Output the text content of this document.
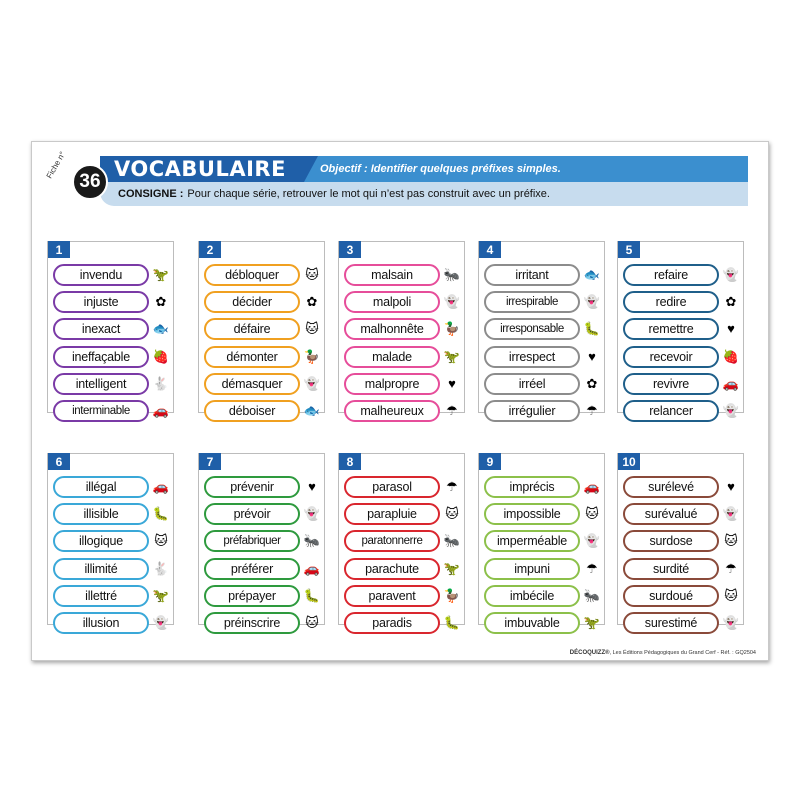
Fiche n°
36
VOCABULAIRE	Objectif : Identifier quelques préfixes simples.
CONSIGNE : Pour chaque série, retrouver le mot qui n’est pas construit avec un préfixe.
1
invendu	🦖
injuste	✿
inexact	🐟
ineffaçable	🍓
intelligent	🐇
interminable	🚗
2
débloquer	🐱
décider	✿
défaire	🐱
démonter	🦆
démasquer	👻
déboiser	🐟
3
malsain	🐜
malpoli	👻
malhonnête	🦆
malade	🦖
malpropre	♥
malheureux	☂
4
irritant	🐟
irrespirable	👻
irresponsable	🐛
irrespect	♥
irréel	✿
irrégulier	☂
5
refaire	👻
redire	✿
remettre	♥
recevoir	🍓
revivre	🚗
relancer	👻
6
illégal	🚗
illisible	🐛
illogique	🐱
illimité	🐇
illettré	🦖
illusion	👻
7
prévenir	♥
prévoir	👻
préfabriquer	🐜
préférer	🚗
prépayer	🐛
préinscrire	🐱
8
parasol	☂
parapluie	🐱
paratonnerre	🐜
parachute	🦖
paravent	🦆
paradis	🐛
9
imprécis	🚗
impossible	🐱
imperméable	👻
impuni	☂
imbécile	🐜
imbuvable	🦖
10
surélevé	♥
surévalué	👻
surdose	🐱
surdité	☂
surdoué	🐱
surestimé	👻
DÉCOQUIZZ®, Les Éditions Pédagogiques du Grand Cerf - Réf. : GQ2504
